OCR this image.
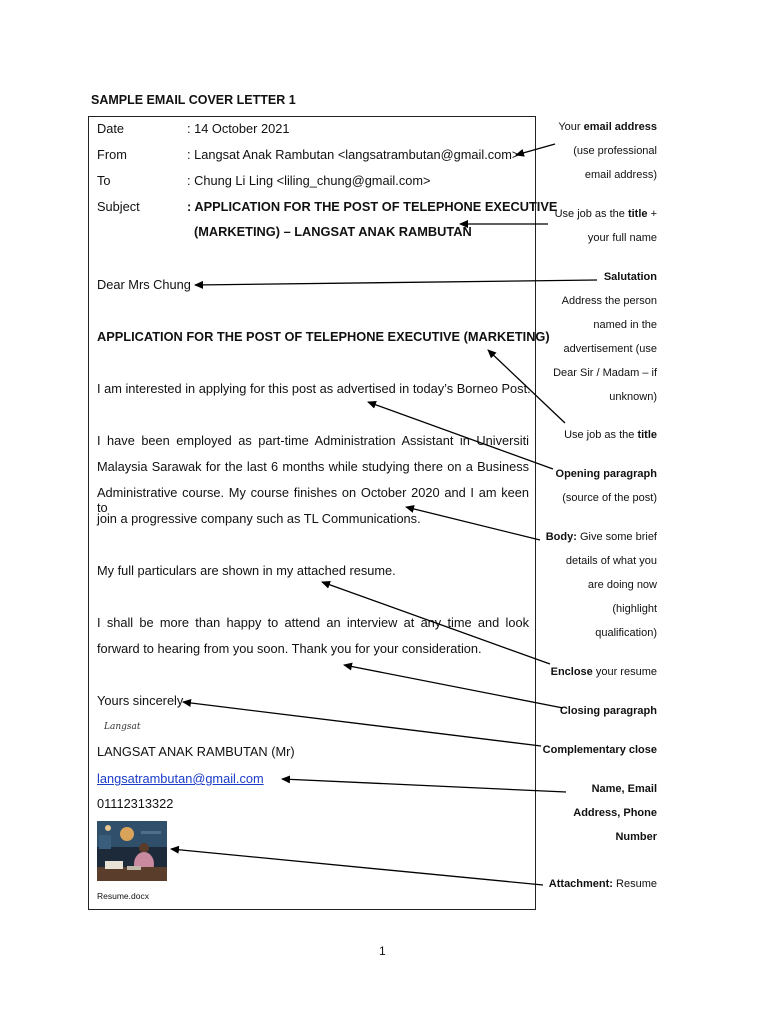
SAMPLE EMAIL COVER LETTER 1
Date	: 14 October 2021
From	: Langsat Anak Rambutan <langsatrambutan@gmail.com>
To	: Chung Li Ling <liling_chung@gmail.com>
Subject	: APPLICATION FOR THE POST OF TELEPHONE EXECUTIVE
(MARKETING) – LANGSAT ANAK RAMBUTAN
Dear Mrs Chung
APPLICATION FOR THE POST OF TELEPHONE EXECUTIVE (MARKETING)
I am interested in applying for this post as advertised in today’s Borneo Post.
I have been employed as part-time Administration Assistant in Universiti
Malaysia Sarawak for the last 6 months while studying there on a Business
Administrative course. My course finishes on October 2020 and I am keen to
join a progressive company such as TL Communications.
My full particulars are shown in my attached resume.
I shall be more than happy to attend an interview at any time and look
forward to hearing from you soon. Thank you for your consideration.
Yours sincerely
Langsat
LANGSAT ANAK RAMBUTAN (Mr)
langsatrambutan@gmail.com
01112313322
Resume.docx
Your email address
(use professional
email address)
Use job as the title +
your full name
Salutation
Address the person
named in the
advertisement (use
Dear Sir / Madam – if
unknown)
Use job as the title
Opening paragraph
(source of the post)
Body: Give some brief
details of what you
are doing now
(highlight
qualification)
Enclose your resume
Closing paragraph
Complementary close
Name, Email
Address, Phone
Number
Attachment: Resume
1
